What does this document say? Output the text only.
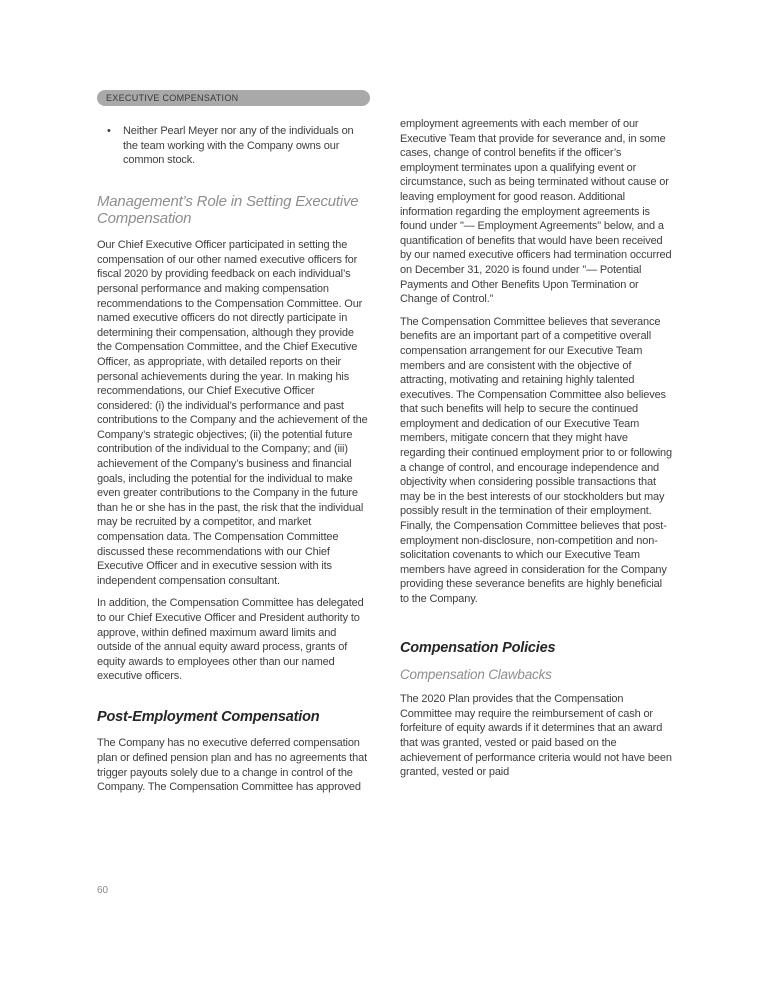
EXECUTIVE COMPENSATION
•	Neither Pearl Meyer nor any of the individuals on the team working with the Company owns our common stock.
Management’s Role in Setting Executive Compensation

Our Chief Executive Officer participated in setting the compensation of our other named executive officers for fiscal 2020 by providing feedback on each individual’s personal performance and making compensation recommendations to the Compensation Committee. Our named executive officers do not directly participate in determining their compensation, although they provide the Compensation Committee, and the Chief Executive Officer, as appropriate, with detailed reports on their personal achievements during the year. In making his recommendations, our Chief Executive Officer considered: (i) the individual’s performance and past contributions to the Company and the achievement of the Company’s strategic objectives; (ii) the potential future contribution of the individual to the Company; and (iii) achievement of the Company’s business and financial goals, including the potential for the individual to make even greater contributions to the Company in the future than he or she has in the past, the risk that the individual may be recruited by a competitor, and market compensation data. The Compensation Committee discussed these recommendations with our Chief Executive Officer and in executive session with its independent compensation consultant.

In addition, the Compensation Committee has delegated to our Chief Executive Officer and President authority to approve, within defined maximum award limits and outside of the annual equity award process, grants of equity awards to employees other than our named executive officers.

Post-Employment Compensation

The Company has no executive deferred compensation plan or defined pension plan and has no agreements that trigger payouts solely due to a change in control of the Company. The Compensation Committee has approved

employment agreements with each member of our Executive Team that provide for severance and, in some cases, change of control benefits if the officer’s employment terminates upon a qualifying event or circumstance, such as being terminated without cause or leaving employment for good reason. Additional information regarding the employment agreements is found under "— Employment Agreements" below, and a quantification of benefits that would have been received by our named executive officers had termination occurred on December 31, 2020 is found under "— Potential Payments and Other Benefits Upon Termination or Change of Control.”

The Compensation Committee believes that severance benefits are an important part of a competitive overall compensation arrangement for our Executive Team members and are consistent with the objective of attracting, motivating and retaining highly talented executives. The Compensation Committee also believes that such benefits will help to secure the continued employment and dedication of our Executive Team members, mitigate concern that they might have regarding their continued employment prior to or following a change of control, and encourage independence and objectivity when considering possible transactions that may be in the best interests of our stockholders but may possibly result in the termination of their employment. Finally, the Compensation Committee believes that post-employment non-disclosure, non-competition and non-solicitation covenants to which our Executive Team members have agreed in consideration for the Company providing these severance benefits are highly beneficial to the Company.

Compensation Policies
Compensation Clawbacks

The 2020 Plan provides that the Compensation Committee may require the reimbursement of cash or forfeiture of equity awards if it determines that an award that was granted, vested or paid based on the achievement of performance criteria would not have been granted, vested or paid

60
